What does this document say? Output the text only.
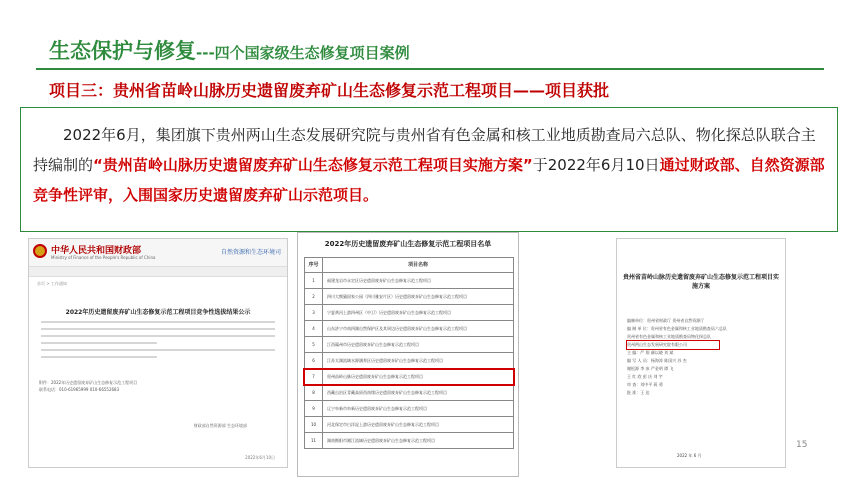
生态保护与修复---四个国家级生态修复项目案例
项目三：贵州省苗岭山脉历史遗留废弃矿山生态修复示范工程项目——项目获批
2022年6月，集团旗下贵州两山生态发展研究院与贵州省有色金属和核工业地质勘查局六总队、物化探总队联合主持编制的“贵州苗岭山脉历史遗留废弃矿山生态修复示范工程项目实施方案”于2022年6月10日通过财政部、自然资源部竞争性评审，入围国家历史遗留废弃矿山示范项目。
中华人民共和国财政部
Ministry of Finance of the People's Republic of China
自然资源和生态环境司
首页 > 工作通知
2022年历史遗留废弃矿山生态修复示范工程项目竞争性选拔结果公示
附件：2022年历史遗留废弃矿山生态修复示范工程项目
联系电话：010-61965999 010-66552683
财政部自然资源部 生态环境部
2022年6月10日
2022年历史遗留废弃矿山生态修复示范工程项目名单
序号	项目名称
1	福建龙岩市永定区历史遗留废弃矿山生态修复示范工程项目
2	四川大熊猫国家公园（四川雅安片区）历史遗留废弃矿山生态修复示范工程项目
3	宁夏黄河上游四州区（中卫）历史遗留废弃矿山生态修复示范工程项目
4	山东济宁市南四湖自然保护区及其周边历史遗留废弃矿山生态修复示范工程项目
5	江西赣州市历史遗留废弃矿山生态修复示范工程项目
6	江苏太湖流域水源涵养区历史遗留废弃矿山生态修复示范工程项目
7	贵州苗岭山脉历史遗留废弃矿山生态修复示范工程项目
8	西藏自治区青藏高原西南缘历史遗留废弃矿山生态修复示范工程项目
9	辽宁阜新市阜新历史遗留废弃矿山生态修复示范工程项目
10	河北保定市白洋淀上游历史遗留废弃矿山生态修复示范工程项目
11	湖南衡阳市湘江流域历史遗留废弃矿山生态修复示范工程项目
贵州省苗岭山脉历史遗留废弃矿山生态修复示范工程项目实施方案
编制单位：贵州省财政厅 贵州省自然资源厅
编 制 单 位：贵州省有色金属和核工业地质勘查局六总队
贵州省有色金属和核工业地质勘查局物化探总队
贵州两山生态发展研究院有限公司
主 编：严 翔 颜以晓 刘 斌
编 写 人 员：杨海涛 陈国兴 苏 杰
谢松源 李 冰 严金明 谭 飞
王 红 欣 彭 庆 刘 宇
审 查：刘中平 蒋 勇
批 准：王 达
2022 年 6 月
15
